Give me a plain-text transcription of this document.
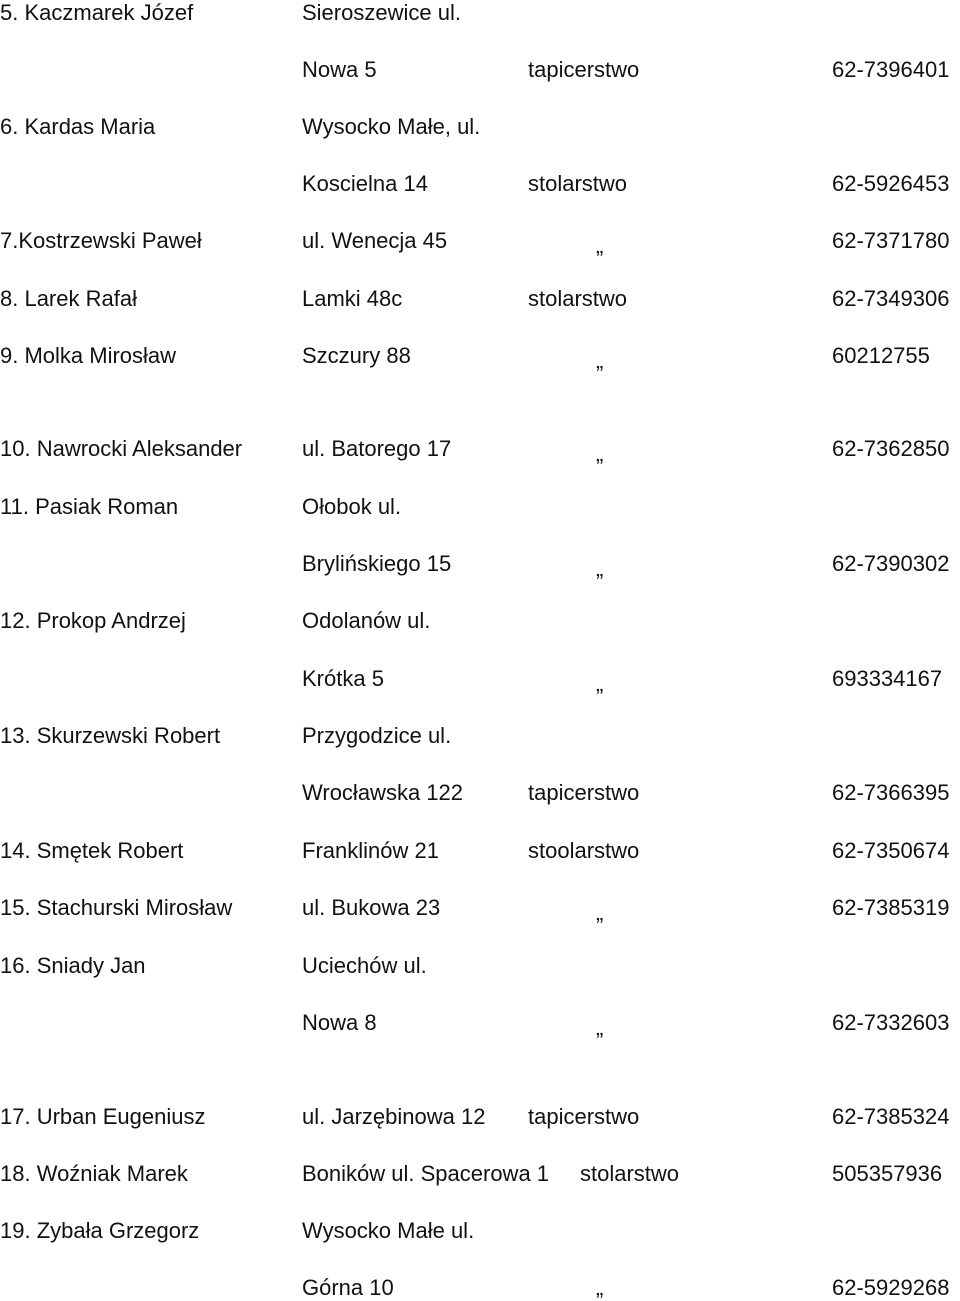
5. Kaczmarek Józef	Sieroszewice ul.
Nowa 5	tapicerstwo	62-7396401
6. Kardas Maria	Wysocko Małe, ul.
Koscielna 14	stolarstwo	62-5926453
7.Kostrzewski Paweł	ul. Wenecja 45	„	62-7371780
8. Larek Rafał	Lamki 48c	stolarstwo	62-7349306
9. Molka Mirosław	Szczury 88	„	60212755
10. Nawrocki Aleksander	ul. Batorego 17	„	62-7362850
11. Pasiak Roman	Ołobok ul.
Brylińskiego 15	„	62-7390302
12. Prokop Andrzej	Odolanów ul.
Krótka 5	„	693334167
13. Skurzewski Robert	Przygodzice ul.
Wrocławska 122	tapicerstwo	62-7366395
14. Smętek Robert	Franklinów 21	stoolarstwo	62-7350674
15. Stachurski Mirosław	ul. Bukowa 23	„	62-7385319
16. Sniady Jan	Uciechów ul.
Nowa 8	„	62-7332603
17. Urban Eugeniusz	ul. Jarzębinowa 12 tapicerstwo	62-7385324
18. Woźniak Marek	Boników ul. Spacerowa 1 stolarstwo	505357936
19. Zybała Grzegorz	Wysocko Małe ul.
Górna 10	„	62-5929268
